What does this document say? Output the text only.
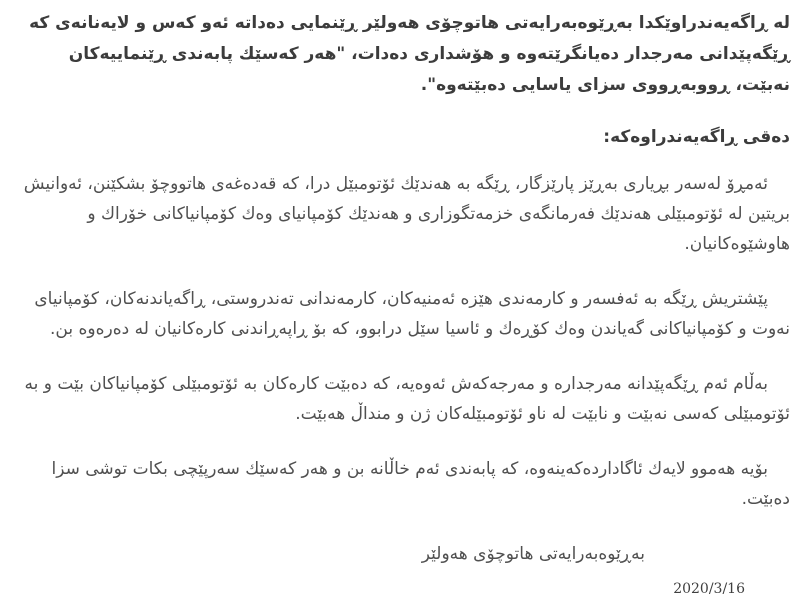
لە ڕاگەیەندراوێکدا بەڕێوەبەرایەتی هاتوچۆی هەولێر ڕێنمایی دەداتە ئەو کەس و لایەنانەی کە ڕێگەپێدانی مەرجدار دەیانگرێتەوە و هۆشداری دەدات، "هەر کەسێك پابەندی ڕێنماییەکان نەبێت، ڕووبەڕووی سزای یاسایی دەبێتەوە".

دەقی ڕاگەیەندراوەکە:

ئەمڕۆ لەسەر بڕیاری بەڕێز پارێزگار، ڕێگە بە هەندێك ئۆتومبێل درا، کە قەدەغەی هاتووچۆ بشکێنن، ئەوانیش بریتین لە ئۆتومبێلی هەندێك فەرمانگەی خزمەتگوزاری و هەندێك کۆمپانیای وەك کۆمپانیاکانی خۆراك و هاوشێوەکانیان.

پێشتریش ڕێگە بە ئەفسەر و کارمەندی هێزە ئەمنیەکان، کارمەندانی تەندروستی، ڕاگەیاندنەکان، کۆمپانیای نەوت و کۆمپانیاکانی گەیاندن وەك کۆڕەك و ئاسیا سێل درابوو، کە بۆ ڕاپەڕاندنی کارەکانیان لە دەرەوە بن.

بەڵام ئەم ڕێگەپێدانە مەرجدارە و مەرجەکەش ئەوەیە، کە دەبێت کارەکان بە ئۆتومبێلی کۆمپانیاکان بێت و بە ئۆتومبێلی کەسی نەبێت و نابێت لە ناو ئۆتومبێلەکان ژن و منداڵ هەبێت.

بۆیە هەموو لایەك ئاگاداردەکەینەوە، کە پابەندی ئەم خاڵانە بن و هەر کەسێك سەرپێچی بکات توشی سزا دەبێت.

بەڕێوەبەرایەتی هاتوچۆی هەولێر

2020/3/16
